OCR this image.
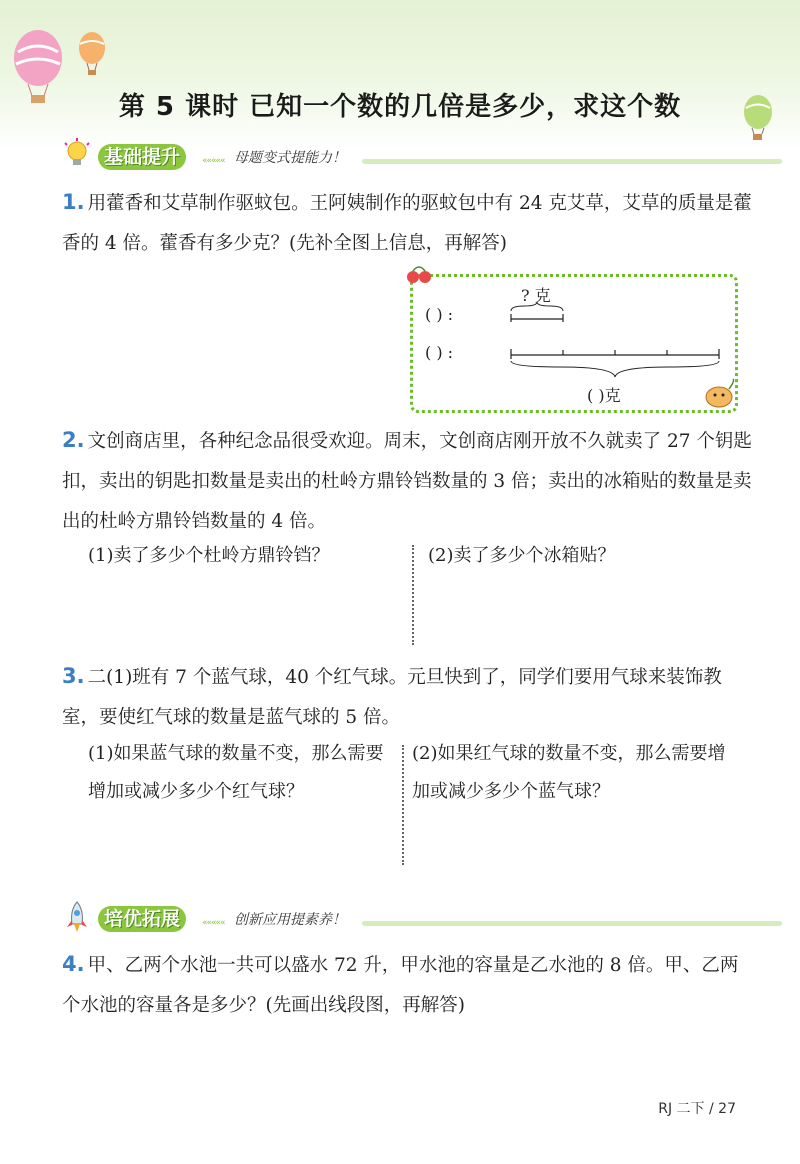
第 5 课时 已知一个数的几倍是多少，求这个数
基础提升	««««« 母题变式提能力！
1. 用藿香和艾草制作驱蚊包。王阿姨制作的驱蚊包中有 24 克艾草，艾草的质量是藿香的 4 倍。藿香有多少克？(先补全图上信息，再解答)
? 克
( ) :
( ) :
( )克
2. 文创商店里，各种纪念品很受欢迎。周末，文创商店刚开放不久就卖了 27 个钥匙扣，卖出的钥匙扣数量是卖出的杜岭方鼎铃铛数量的 3 倍；卖出的冰箱贴的数量是卖出的杜岭方鼎铃铛数量的 4 倍。
(1)卖了多少个杜岭方鼎铃铛？	(2)卖了多少个冰箱贴？
3. 二(1)班有 7 个蓝气球，40 个红气球。元旦快到了，同学们要用气球来装饰教室，要使红气球的数量是蓝气球的 5 倍。
(1)如果蓝气球的数量不变，那么需要增加或减少多少个红气球？
(2)如果红气球的数量不变，那么需要增加或减少多少个蓝气球？
培优拓展	««««« 创新应用提素养！
4. 甲、乙两个水池一共可以盛水 72 升，甲水池的容量是乙水池的 8 倍。甲、乙两个水池的容量各是多少？(先画出线段图，再解答)
RJ 二下 / 27
